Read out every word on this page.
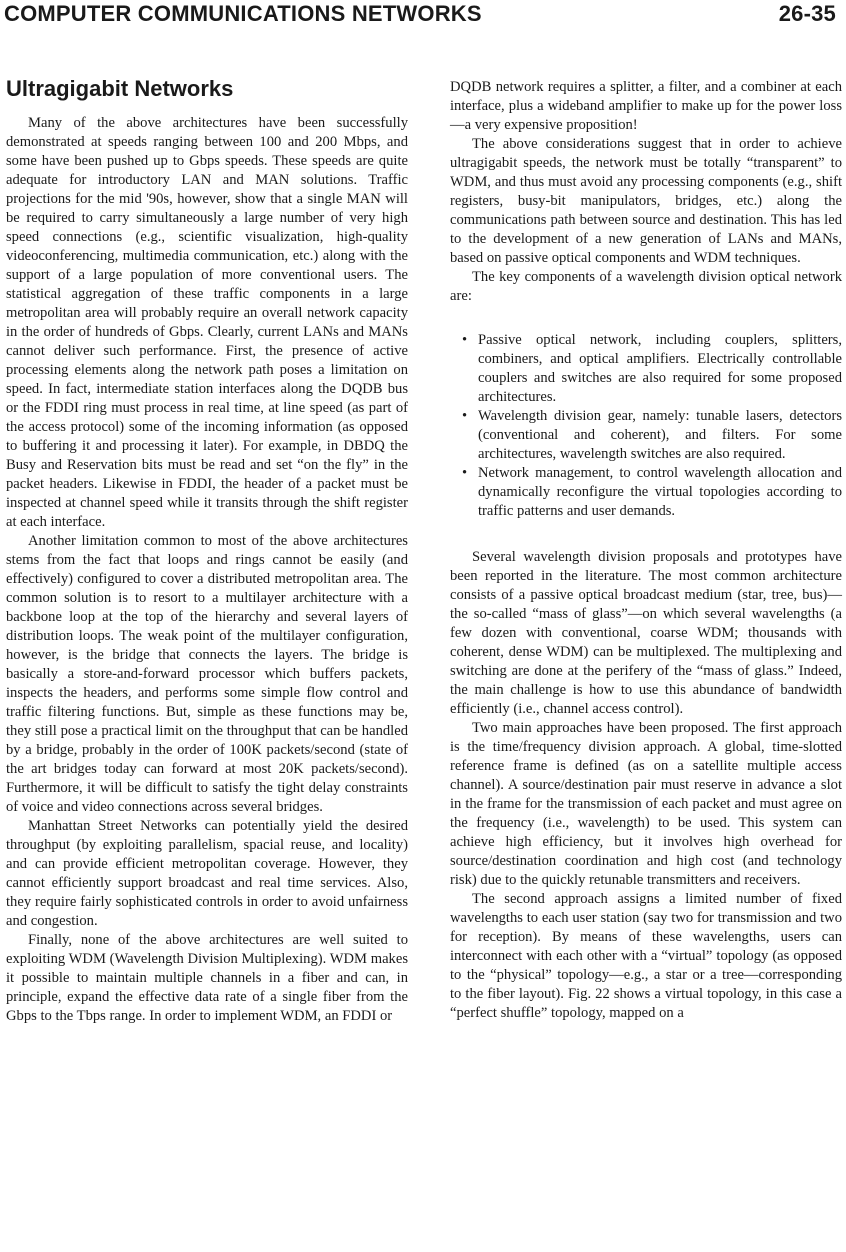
COMPUTER COMMUNICATIONS NETWORKS	26-35
Ultragigabit Networks

Many of the above architectures have been successfully demonstrated at speeds ranging between 100 and 200 Mbps, and some have been pushed up to Gbps speeds. These speeds are quite adequate for introductory LAN and MAN solutions. Traffic projections for the mid '90s, however, show that a single MAN will be required to carry simultaneously a large number of very high speed connections (e.g., scientific visualization, high-quality videoconferencing, multimedia communication, etc.) along with the support of a large population of more conventional users. The statistical aggregation of these traffic components in a large metropolitan area will probably require an overall network capacity in the order of hundreds of Gbps. Clearly, current LANs and MANs cannot deliver such performance. First, the presence of active processing elements along the network path poses a limitation on speed. In fact, intermediate station interfaces along the DQDB bus or the FDDI ring must process in real time, at line speed (as part of the access protocol) some of the incoming information (as opposed to buffering it and processing it later). For example, in DBDQ the Busy and Reservation bits must be read and set “on the fly” in the packet headers. Likewise in FDDI, the header of a packet must be inspected at channel speed while it transits through the shift register at each interface.

Another limitation common to most of the above architectures stems from the fact that loops and rings cannot be easily (and effectively) configured to cover a distributed metropolitan area. The common solution is to resort to a multilayer architecture with a backbone loop at the top of the hierarchy and several layers of distribution loops. The weak point of the multilayer configuration, however, is the bridge that connects the layers. The bridge is basically a store-and-forward processor which buffers packets, inspects the headers, and performs some simple flow control and traffic filtering functions. But, simple as these functions may be, they still pose a practical limit on the throughput that can be handled by a bridge, probably in the order of 100K packets/second (state of the art bridges today can forward at most 20K packets/second). Furthermore, it will be difficult to satisfy the tight delay constraints of voice and video connections across several bridges.

Manhattan Street Networks can potentially yield the desired throughput (by exploiting parallelism, spacial reuse, and locality) and can provide efficient metropolitan coverage. However, they cannot efficiently support broadcast and real time services. Also, they require fairly sophisticated controls in order to avoid unfairness and congestion.

Finally, none of the above architectures are well suited to exploiting WDM (Wavelength Division Multiplexing). WDM makes it possible to maintain multiple channels in a fiber and can, in principle, expand the effective data rate of a single fiber from the Gbps to the Tbps range. In order to implement WDM, an FDDI or

DQDB network requires a splitter, a filter, and a combiner at each interface, plus a wideband amplifier to make up for the power loss—a very expensive proposition!

The above considerations suggest that in order to achieve ultragigabit speeds, the network must be totally “transparent” to WDM, and thus must avoid any processing components (e.g., shift registers, busy-bit manipulators, bridges, etc.) along the communications path between source and destination. This has led to the development of a new generation of LANs and MANs, based on passive optical components and WDM techniques.

The key components of a wavelength division optical network are:

• Passive optical network, including couplers, splitters, combiners, and optical amplifiers. Electrically controllable couplers and switches are also required for some proposed architectures.
• Wavelength division gear, namely: tunable lasers, detectors (conventional and coherent), and filters. For some architectures, wavelength switches are also required.
• Network management, to control wavelength allocation and dynamically reconfigure the virtual topologies according to traffic patterns and user demands.

Several wavelength division proposals and prototypes have been reported in the literature. The most common architecture consists of a passive optical broadcast medium (star, tree, bus)—the so-called “mass of glass”—on which several wavelengths (a few dozen with conventional, coarse WDM; thousands with coherent, dense WDM) can be multiplexed. The multiplexing and switching are done at the perifery of the “mass of glass.” Indeed, the main challenge is how to use this abundance of bandwidth efficiently (i.e., channel access control).

Two main approaches have been proposed. The first approach is the time/frequency division approach. A global, time-slotted reference frame is defined (as on a satellite multiple access channel). A source/destination pair must reserve in advance a slot in the frame for the transmission of each packet and must agree on the frequency (i.e., wavelength) to be used. This system can achieve high efficiency, but it involves high overhead for source/destination coordination and high cost (and technology risk) due to the quickly retunable transmitters and receivers.

The second approach assigns a limited number of fixed wavelengths to each user station (say two for transmission and two for reception). By means of these wavelengths, users can interconnect with each other with a “virtual” topology (as opposed to the “physical” topology—e.g., a star or a tree—corresponding to the fiber layout). Fig. 22 shows a virtual topology, in this case a “perfect shuffle” topology, mapped on a
